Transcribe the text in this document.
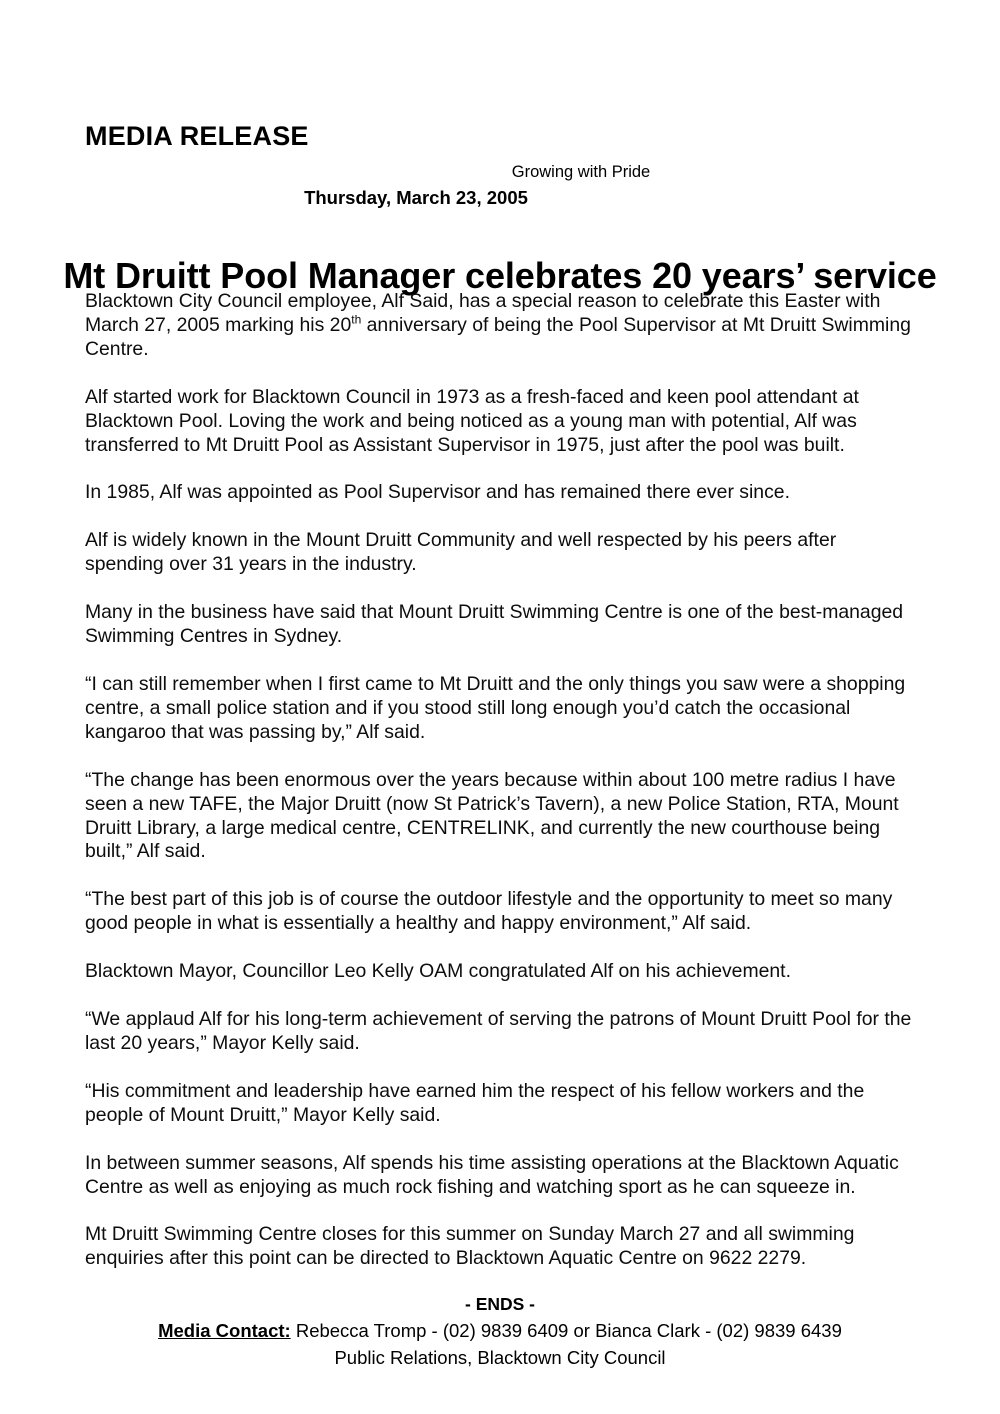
MEDIA RELEASE
Growing with Pride
Thursday, March 23, 2005
Mt Druitt Pool Manager celebrates 20 years’ service

Blacktown City Council employee, Alf Said, has a special reason to celebrate this Easter with March 27, 2005 marking his 20th anniversary of being the Pool Supervisor at Mt Druitt Swimming Centre.

Alf started work for Blacktown Council in 1973 as a fresh-faced and keen pool attendant at Blacktown Pool. Loving the work and being noticed as a young man with potential, Alf was transferred to Mt Druitt Pool as Assistant Supervisor in 1975, just after the pool was built.

In 1985, Alf was appointed as Pool Supervisor and has remained there ever since.

Alf is widely known in the Mount Druitt Community and well respected by his peers after spending over 31 years in the industry.

Many in the business have said that Mount Druitt Swimming Centre is one of the best-managed Swimming Centres in Sydney.

“I can still remember when I first came to Mt Druitt and the only things you saw were a shopping centre, a small police station and if you stood still long enough you’d catch the occasional kangaroo that was passing by,” Alf said.

“The change has been enormous over the years because within about 100 metre radius I have seen a new TAFE, the Major Druitt (now St Patrick’s Tavern), a new Police Station, RTA, Mount Druitt Library, a large medical centre, CENTRELINK, and currently the new courthouse being built,” Alf said.

“The best part of this job is of course the outdoor lifestyle and the opportunity to meet so many good people in what is essentially a healthy and happy environment,” Alf said.

Blacktown Mayor, Councillor Leo Kelly OAM congratulated Alf on his achievement.

“We applaud Alf for his long-term achievement of serving the patrons of Mount Druitt Pool for the last 20 years,” Mayor Kelly said.

“His commitment and leadership have earned him the respect of his fellow workers and the people of Mount Druitt,” Mayor Kelly said.

In between summer seasons, Alf spends his time assisting operations at the Blacktown Aquatic Centre as well as enjoying as much rock fishing and watching sport as he can squeeze in.

Mt Druitt Swimming Centre closes for this summer on Sunday March 27 and all swimming enquiries after this point can be directed to Blacktown Aquatic Centre on 9622 2279.

- ENDS -
Media Contact: Rebecca Tromp - (02) 9839 6409 or Bianca Clark - (02) 9839 6439
Public Relations, Blacktown City Council
